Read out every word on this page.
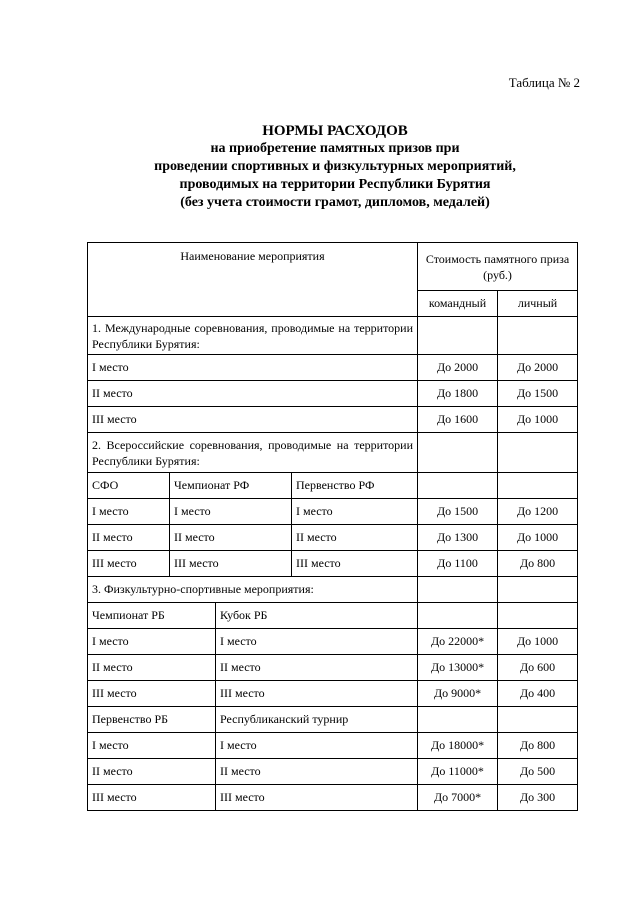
Таблица № 2
НОРМЫ РАСХОДОВ
на приобретение памятных призов при
проведении спортивных и физкультурных мероприятий,
проводимых на территории Республики Бурятия
(без учета стоимости грамот, дипломов, медалей)
Наименование мероприятия				Стоимость памятного приза (руб.)	
				командный	личный
1. Международные соревнования, проводимые на территории Республики Бурятия:					
I место				До 2000	До 2000
II место				До 1800	До 1500
III место				До 1600	До 1000
2. Всероссийские соревнования, проводимые на территории Республики Бурятия:					
СФО	Чемпионат РФ		Первенство РФ		
I место	I место		I место	До 1500	До 1200
II место	II место		II место	До 1300	До 1000
III место	III место		III место	До 1100	До 800
3. Физкультурно-спортивные мероприятия:					
Чемпионат РБ		Кубок РБ			
I место		I место		До 22000*	До 1000
II место		II место		До 13000*	До 600
III место		III место		До 9000*	До 400
Первенство РБ		Республиканский турнир			
I место		I место		До 18000*	До 800
II место		II место		До 11000*	До 500
III место		III место		До 7000*	До 300
